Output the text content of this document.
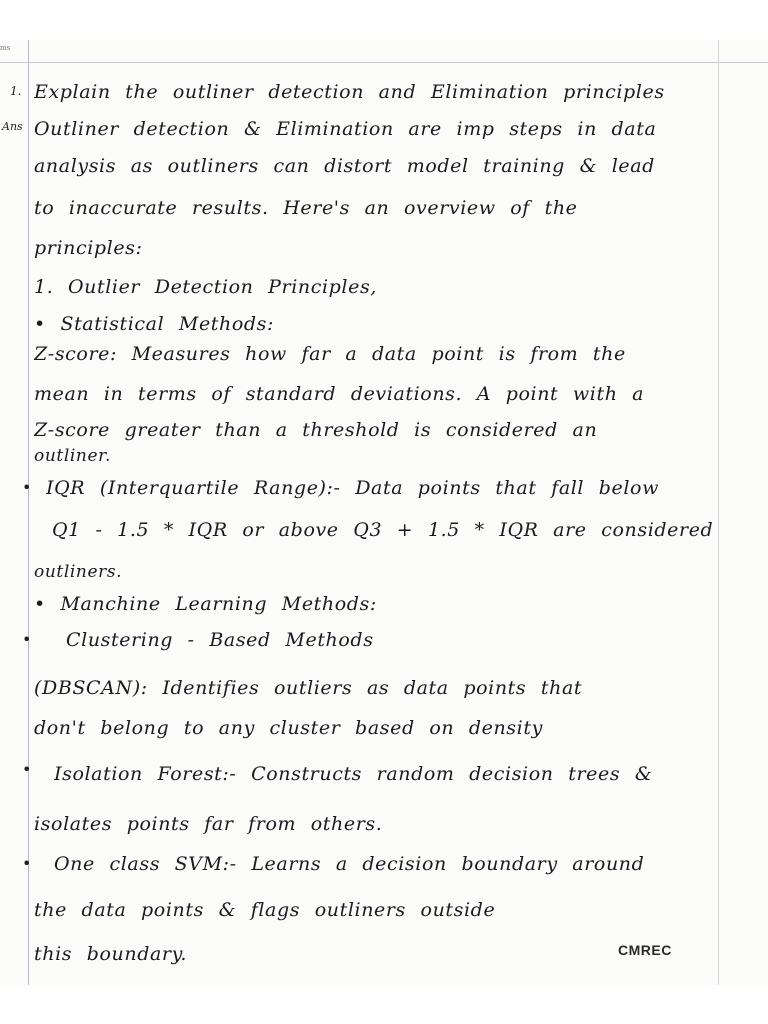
ms
Ans
1. Explain the outliner detection and Elimination principles
Outliner detection & Elimination are imp steps in data
analysis as outliners can distort model training & lead
to inaccurate results. Here's an overview of the
principles:
1. Outlier Detection Principles,
• Statistical Methods:
Z-score: Measures how far a data point is from the
mean in terms of standard deviations. A point with a
Z-score greater than a threshold is considered an
outliner.
• IQR (Interquartile Range):- Data points that fall below
Q1 - 1.5 * IQR or above Q3 + 1.5 * IQR are considered
outliners.
• Manchine Learning Methods:
• Clustering - Based Methods
(DBSCAN): Identifies outliers as data points that
don't belong to any cluster based on density
• Isolation Forest:- Constructs random decision trees &
isolates points far from others.
• One class SVM:- Learns a decision boundary around
the data points & flags outliners outside
this boundary.	CMREC
